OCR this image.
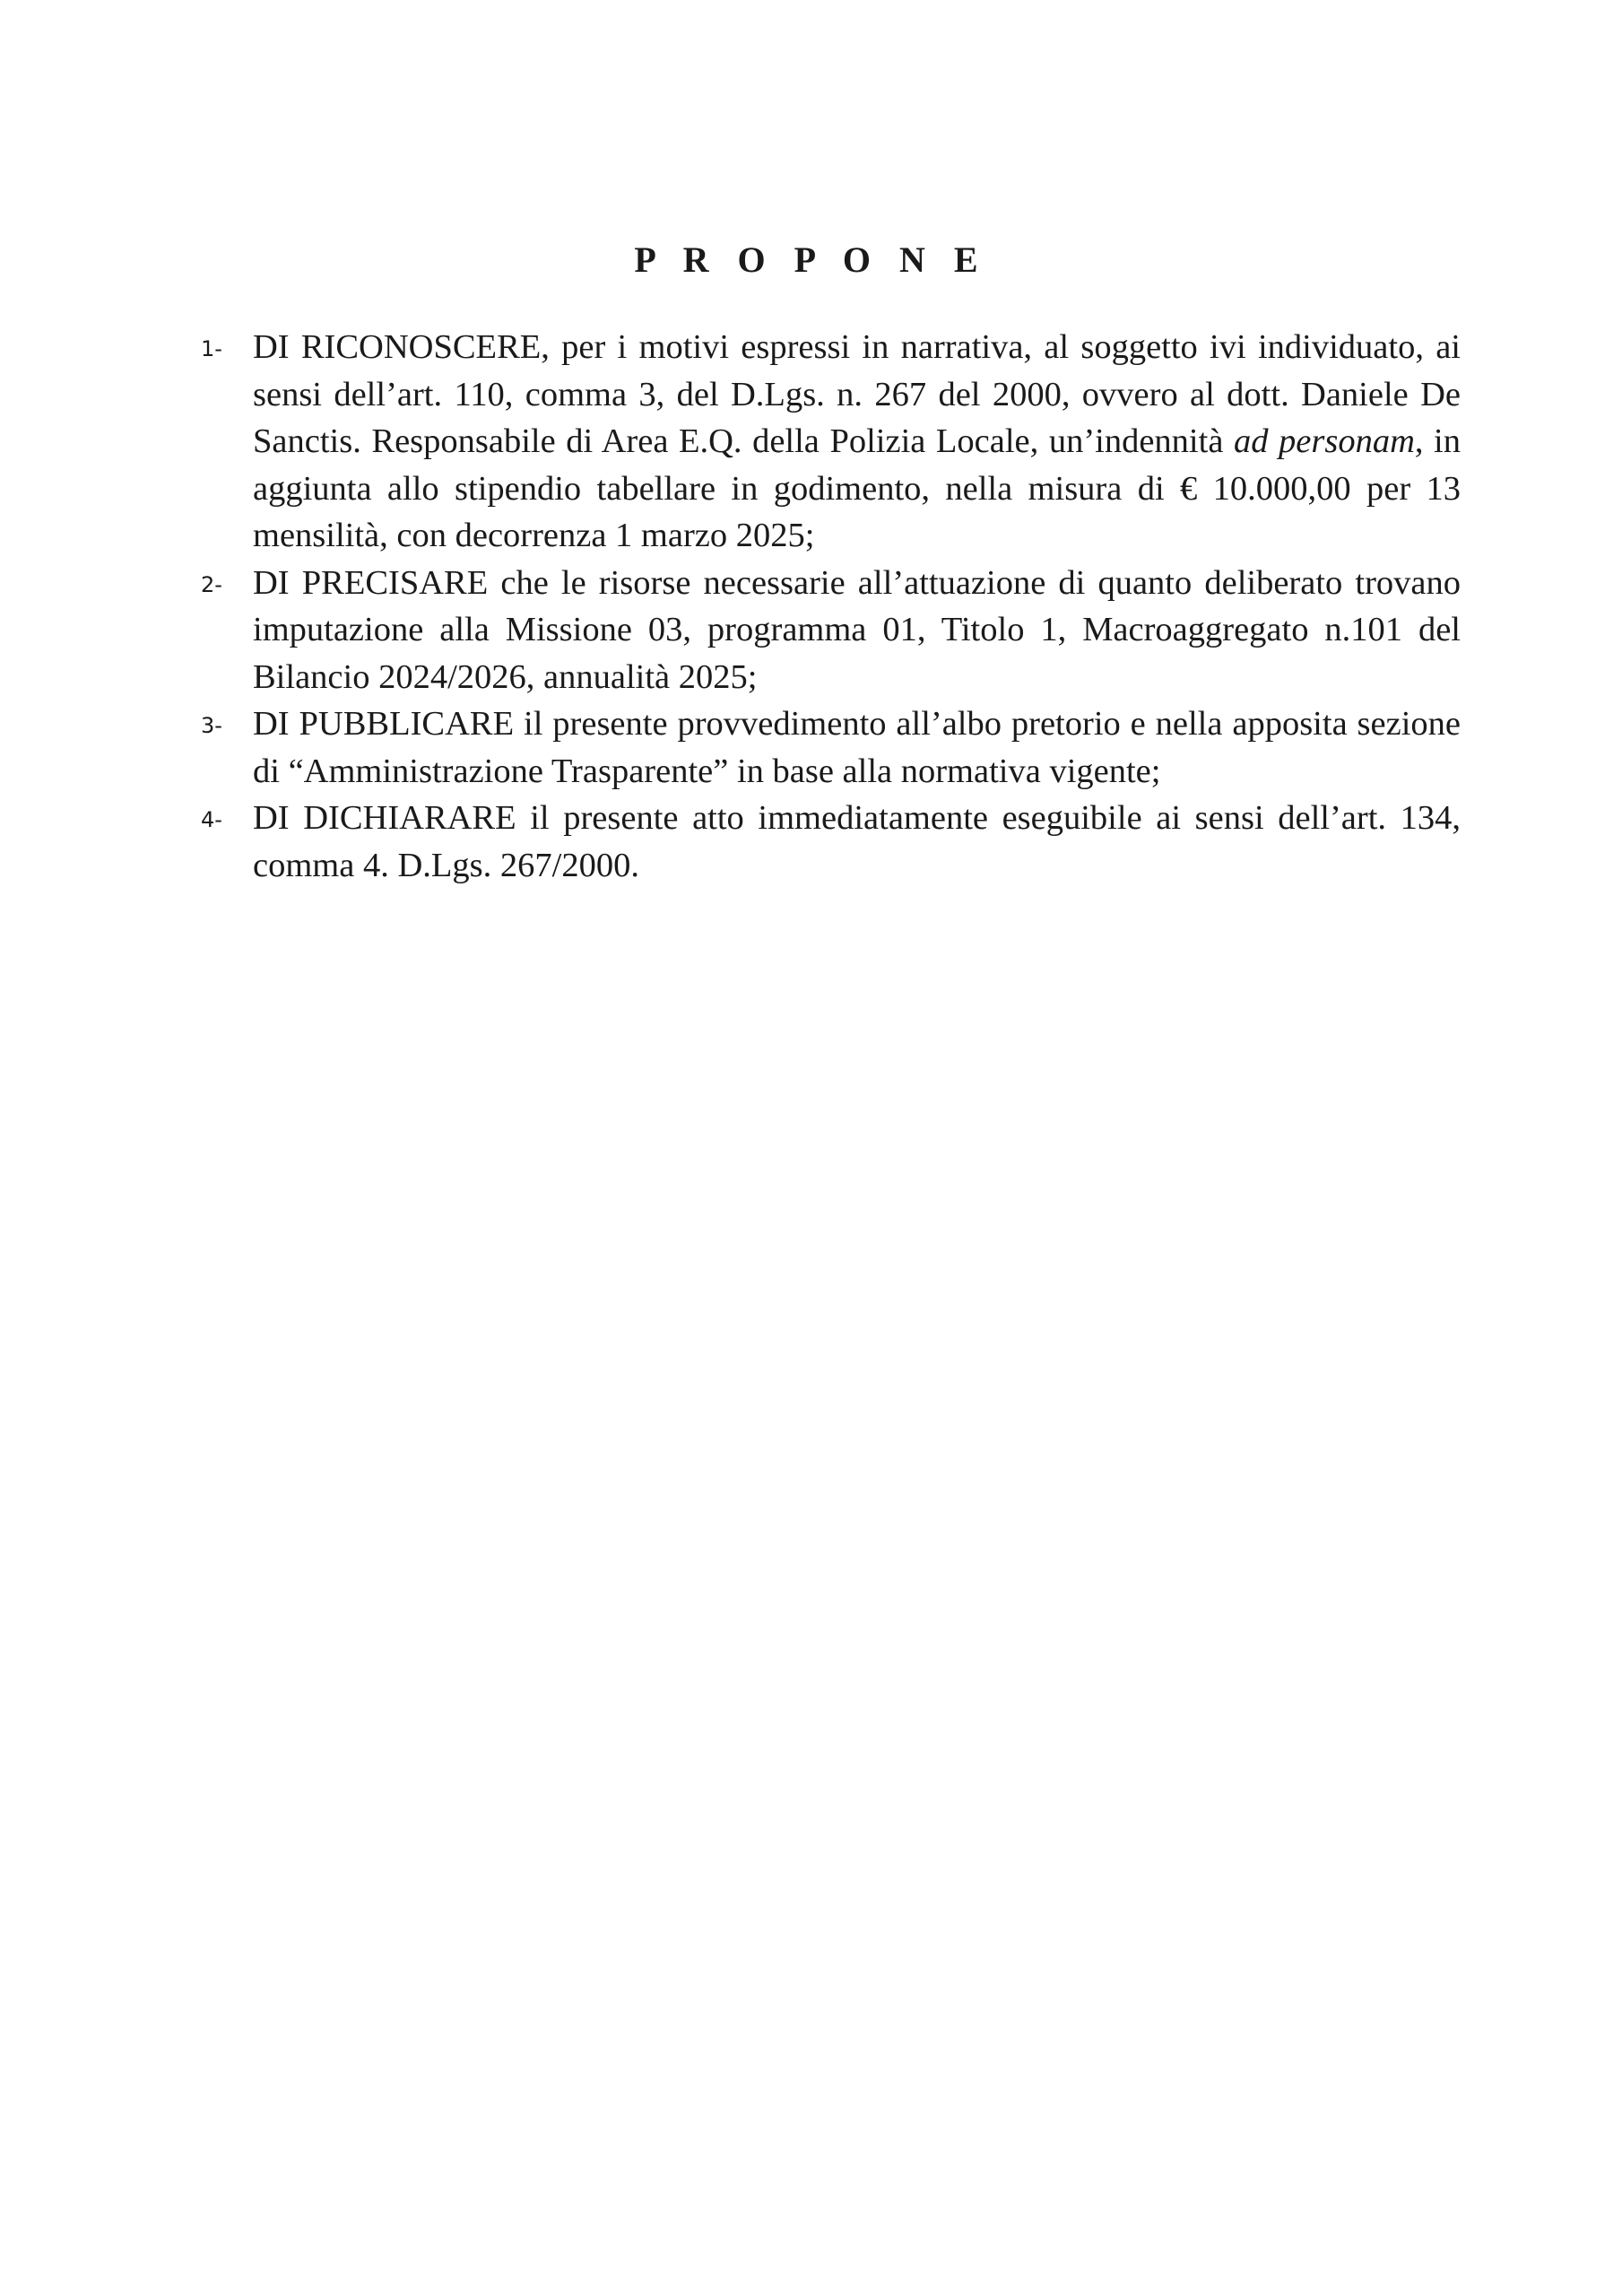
P R O P O N E
1- DI RICONOSCERE, per i motivi espressi in narrativa, al soggetto ivi individuato, ai sensi dell’art. 110, comma 3, del D.Lgs. n. 267 del 2000, ovvero al dott. Daniele De Sanctis. Responsabile di Area E.Q. della Polizia Locale, un’indennità ad personam, in aggiunta allo stipendio tabellare in godimento, nella misura di € 10.000,00 per 13 mensilità, con decorrenza 1 marzo 2025;
2- DI PRECISARE che le risorse necessarie all’attuazione di quanto deliberato trovano imputazione alla Missione 03, programma 01, Titolo 1, Macroaggregato n.101 del Bilancio 2024/2026, annualità 2025;
3- DI PUBBLICARE il presente provvedimento all’albo pretorio e nella apposita sezione di “Amministrazione Trasparente” in base alla normativa vigente;
4- DI DICHIARARE il presente atto immediatamente eseguibile ai sensi dell’art. 134, comma 4. D.Lgs. 267/2000.
